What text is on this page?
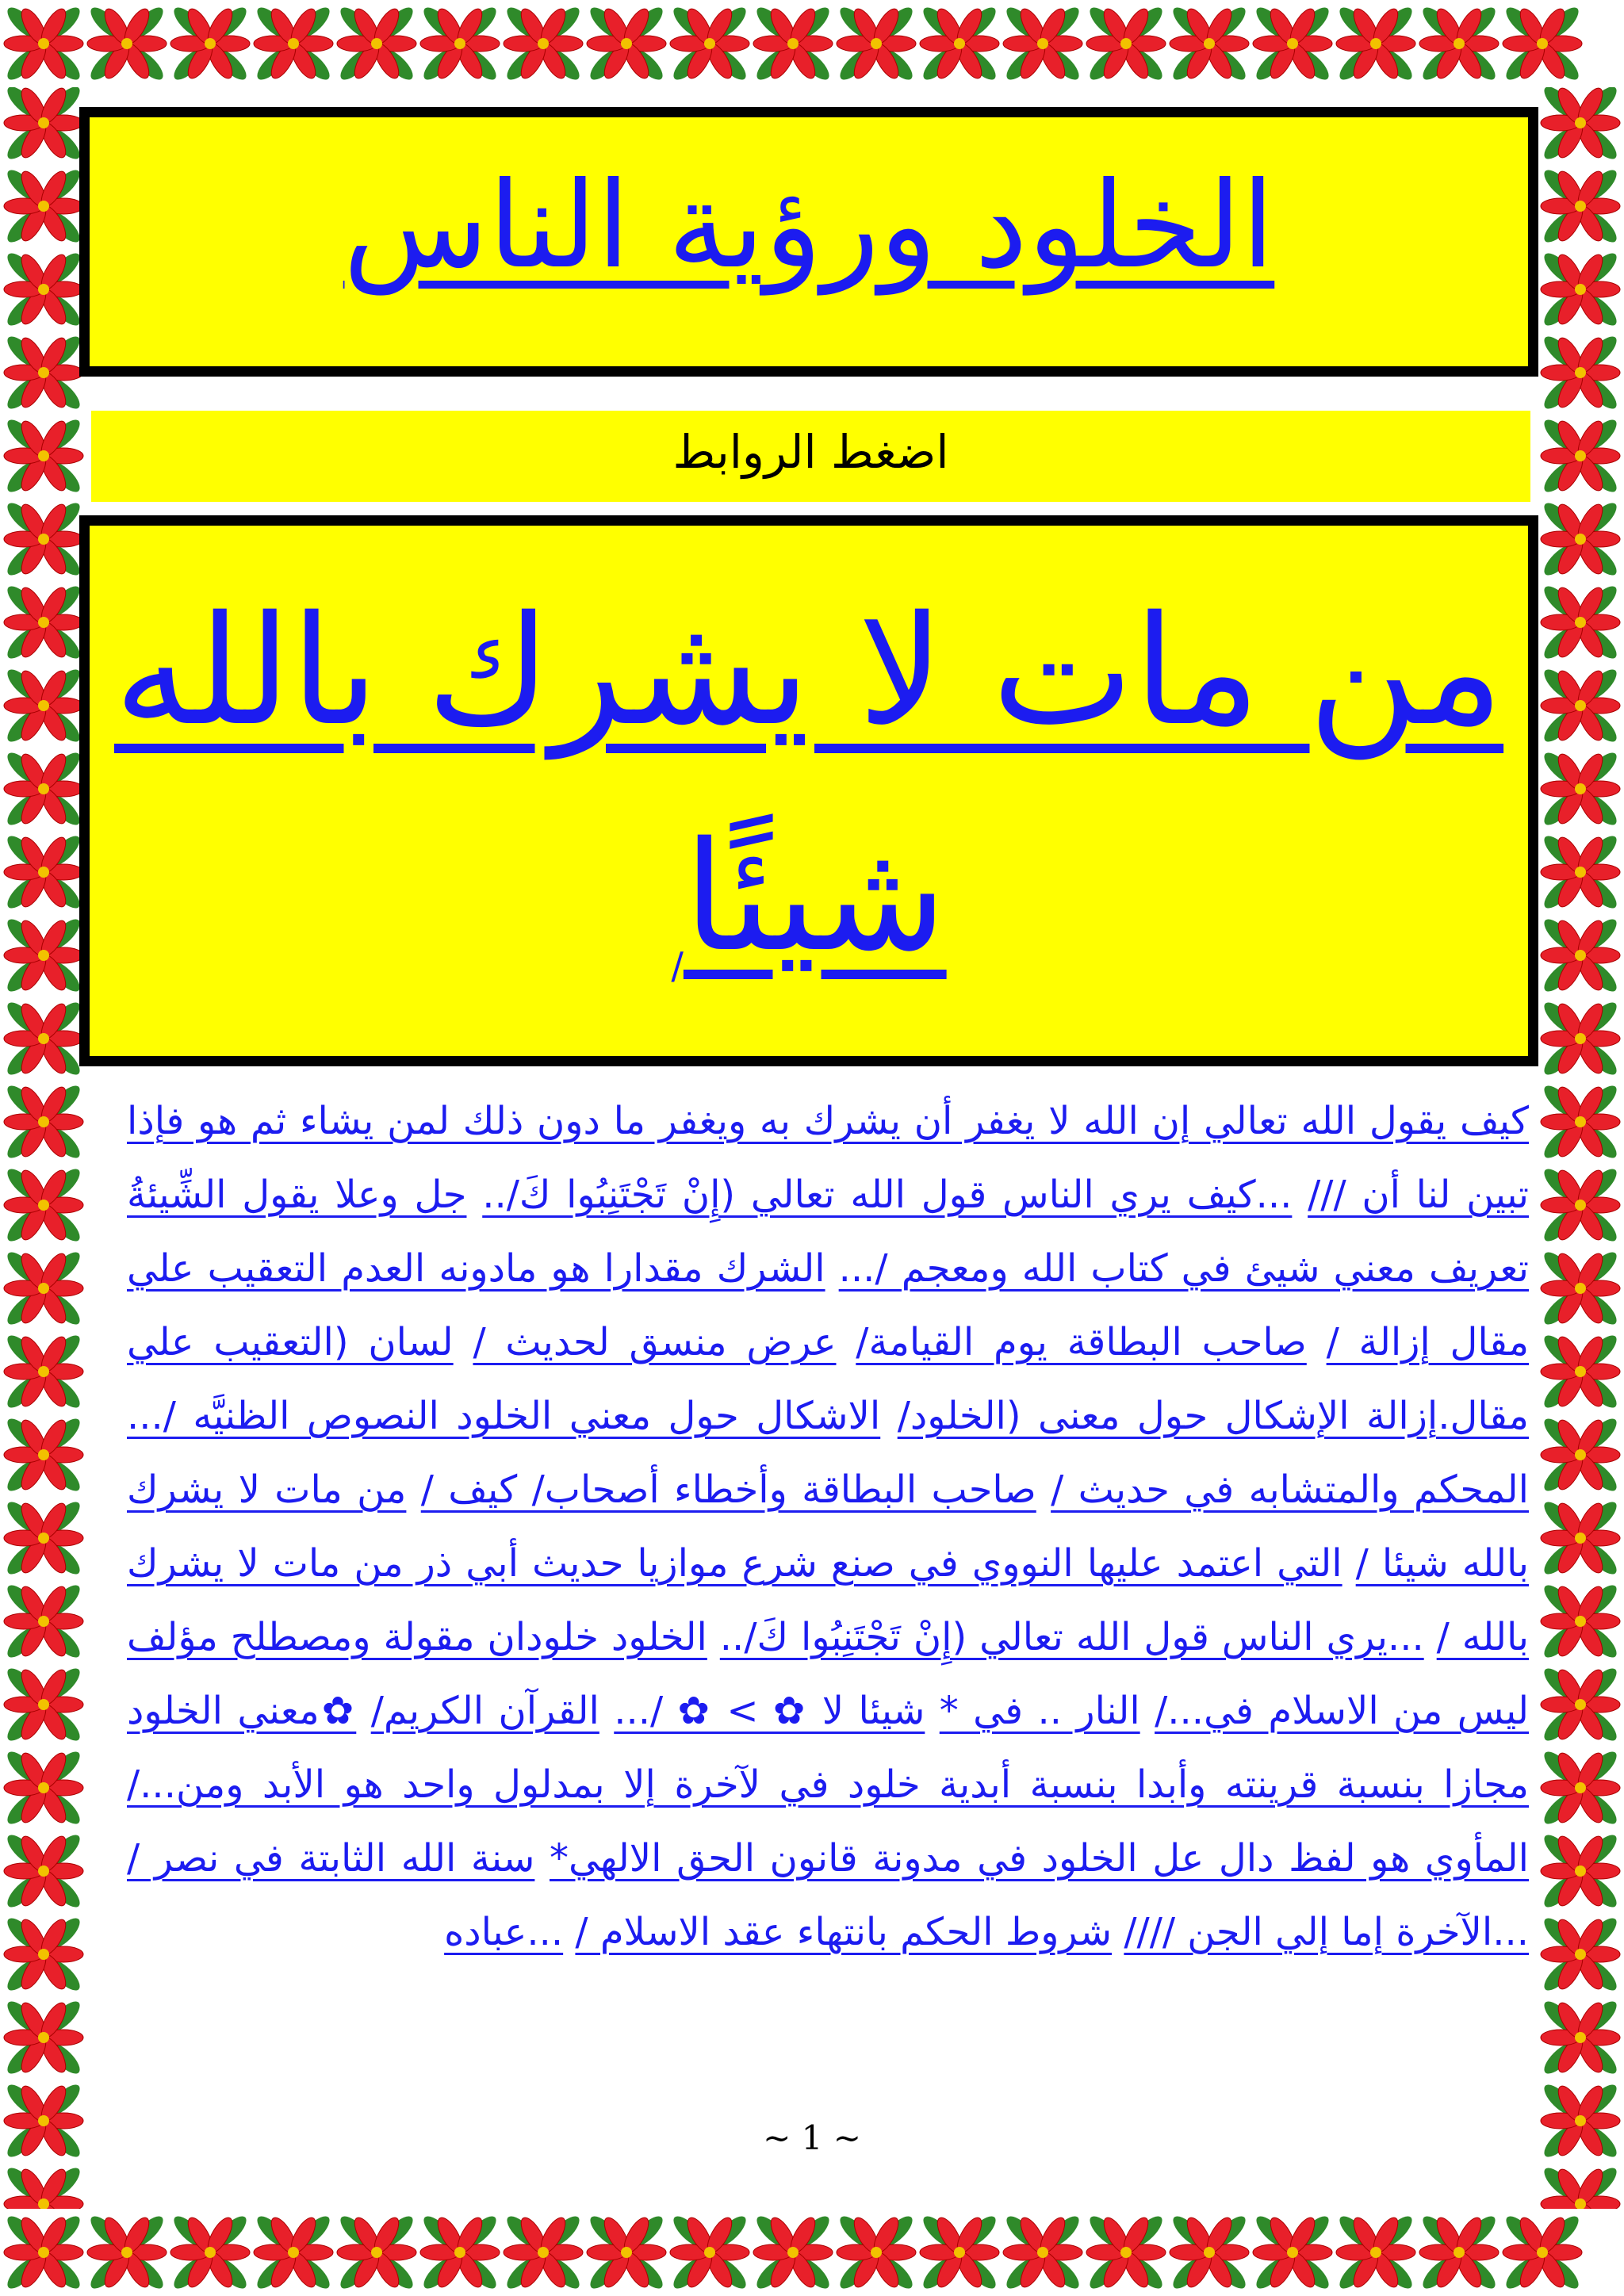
الخلود ورؤية الناس
اضغط الروابط
من مات لا يشرك بالله
شيئًا/
كيف يقول الله تعالي إن الله لا يغفر أن يشرك به ويغفر ما دون ذلك لمن يشاء ثم هو فإذا تبين لنا أن /// ...كيف يري الناس قول الله تعالي (إِنْ تَجْتَنِبُوا كَ/.. جل وعلا يقول الشِّيئةُ تعريف معني شيئ في كتاب الله ومعجم /... الشرك مقدارا هو مادونه العدم التعقيب علي مقال إزالة / صاحب البطاقة يوم القيامة/ عرض منسق لحديث / لسان (التعقيب علي مقال.إزالة الإشكال حول معنى (الخلود/ الاشكال حول معني الخلود النصوص الظنيَّه /... المحكم والمتشابه في حديث / صاحب البطاقة وأخطاء أصحاب/ كيف / من مات لا يشرك بالله شيئا / التي اعتمد عليها النووي في صنع شرع موازيا حديث أبي ذر من مات لا يشرك بالله / ...يري الناس قول الله تعالي (إِنْ تَجْتَنِبُوا كَ/.. الخلود خلودان مقولة ومصطلح مؤلف ليس من الاسلام في.../ النار .. في * شيئا لا ✿ > ✿ /... القرآن الكريم/ ✿معني الخلود مجازا بنسبة قرينته وأبدا بنسبة أبدية خلود في لآخرة إلا بمدلول واحد هو الأبد ومن.../ المأوي هو لفظ دال عل الخلود في مدونة قانون الحق الالهي* سنة الله الثابتة في نصر / ...الآخرة إما إلي الجن //// شروط الحكم بانتهاء عقد الاسلام / ...عباده
~ 1 ~
